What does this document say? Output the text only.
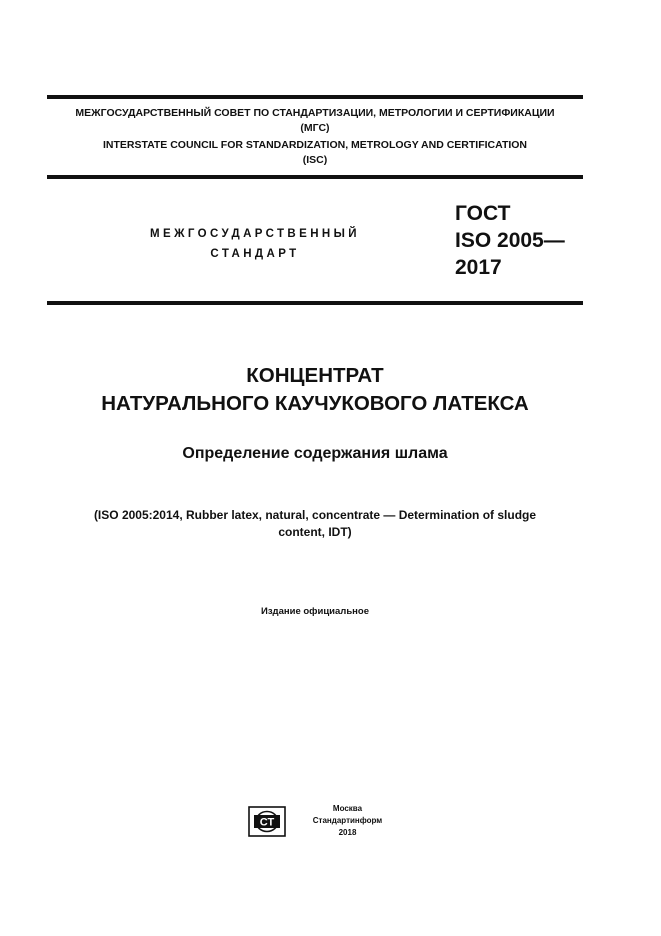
МЕЖГОСУДАРСТВЕННЫЙ СОВЕТ ПО СТАНДАРТИЗАЦИИ, МЕТРОЛОГИИ И СЕРТИФИКАЦИИ
(МГС)
INTERSTATE COUNCIL FOR STANDARDIZATION, METROLOGY AND CERTIFICATION
(ISC)
МЕЖГОСУДАРСТВЕННЫЙ
СТАНДАРТ
ГОСТ
ISO 2005—
2017
КОНЦЕНТРАТ
НАТУРАЛЬНОГО КАУЧУКОВОГО ЛАТЕКСА
Определение содержания шлама
(ISO 2005:2014, Rubber latex, natural, concentrate — Determination of sludge
content, IDT)
Издание официальное
СТ
Москва
Стандартинформ
2018
